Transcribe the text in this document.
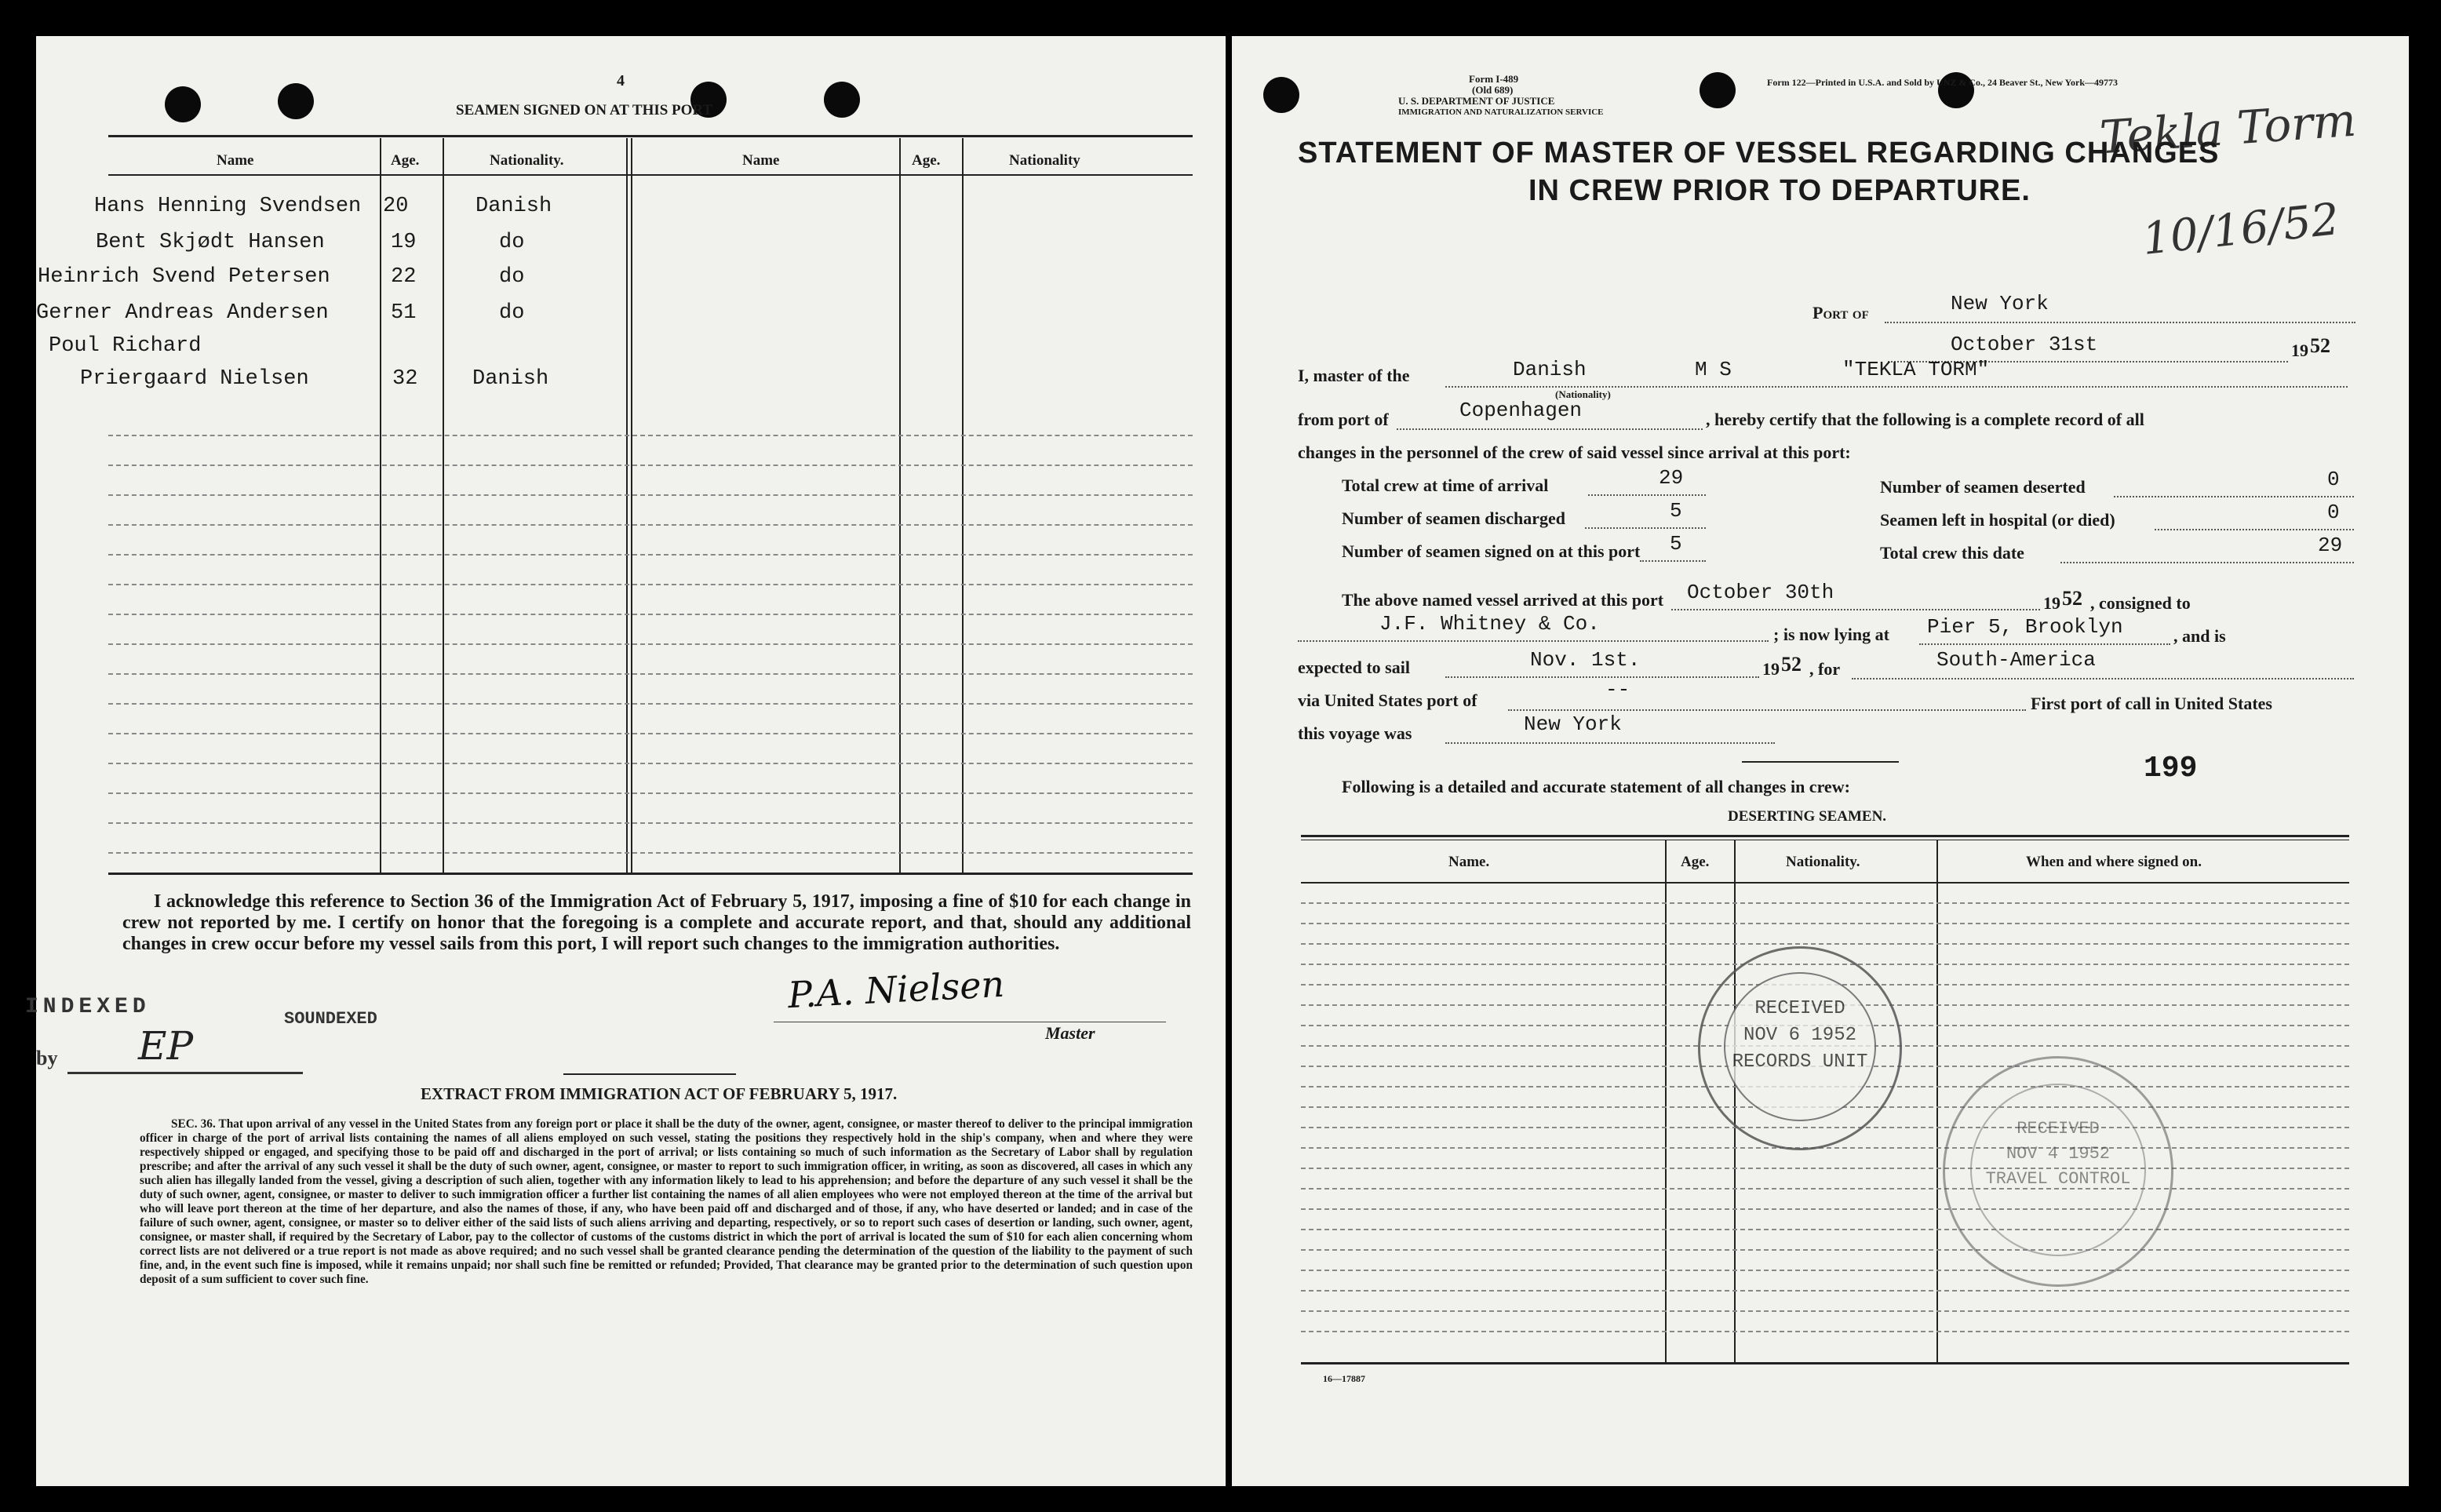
4
SEAMEN SIGNED ON AT THIS PORT
Name	Age.	Nationality.	Name	Age.	Nationality
Hans Henning Svendsen 20	Danish
Bent Skjødt Hansen	19	do
Heinrich Svend Petersen	22	do
Gerner Andreas Andersen	51	do
Poul Richard
Priergaard Nielsen	32	Danish
I acknowledge this reference to Section 36 of the Immigration Act of February 5, 1917, imposing a fine of $10 for each change in crew not reported by me. I certify on honor that the foregoing is a complete and accurate report, and that, should any additional changes in crew occur before my vessel sails from this port, I will report such changes to the immigration authorities.
P.A. Nielsen
Master
INDEXED	SOUNDEXED
by EP
EXTRACT FROM IMMIGRATION ACT OF FEBRUARY 5, 1917.
SEC. 36. That upon arrival of any vessel in the United States from any foreign port or place it shall be the duty of the owner, agent, consignee, or master thereof to deliver to the principal immigration officer in charge of the port of arrival lists containing the names of all aliens employed on such vessel, stating the positions they respectively hold in the ship's company, when and where they were respectively shipped or engaged, and specifying those to be paid off and discharged in the port of arrival; or lists containing so much of such information as the Secretary of Labor shall by regulation prescribe; and after the arrival of any such vessel it shall be the duty of such owner, agent, consignee, or master to report to such immigration officer, in writing, as soon as discovered, all cases in which any such alien has illegally landed from the vessel, giving a description of such alien, together with any information likely to lead to his apprehension; and before the departure of any such vessel it shall be the duty of such owner, agent, consignee, or master to deliver to such immigration officer a further list containing the names of all alien employees who were not employed thereon at the time of the arrival but who will leave port thereon at the time of her departure, and also the names of those, if any, who have been paid off and discharged and of those, if any, who have deserted or landed; and in case of the failure of such owner, agent, consignee, or master so to deliver either of the said lists of such aliens arriving and departing, respectively, or so to report such cases of desertion or landing, such owner, agent, consignee, or master shall, if required by the Secretary of Labor, pay to the collector of customs of the customs district in which the port of arrival is located the sum of $10 for each alien concerning whom correct lists are not delivered or a true report is not made as above required; and no such vessel shall be granted clearance pending the determination of the question of the liability to the payment of such fine, and, in the event such fine is imposed, while it remains unpaid; nor shall such fine be remitted or refunded; Provided, That clearance may be granted prior to the determination of such question upon deposit of a sum sufficient to cover such fine.
Form I-489
(Old 689)
U. S. DEPARTMENT OF JUSTICE
IMMIGRATION AND NATURALIZATION SERVICE
Form 122—Printed in U.S.A. and Sold by UNZ & Co., 24 Beaver St., New York—49773
Tekla Torm
10/16/52
STATEMENT OF MASTER OF VESSEL REGARDING CHANGES
IN CREW PRIOR TO DEPARTURE.
Port of	New York
October 31st	19 52
I, master of the	Danish	M S	"TEKLA TORM"
(Nationality)
from port of	Copenhagen	, hereby certify that the following is a complete record of all
changes in the personnel of the crew of said vessel since arrival at this port:
Total crew at time of arrival	29	Number of seamen deserted	0
Number of seamen discharged	5	Seamen left in hospital (or died)	0
Number of seamen signed on at this port 5	Total crew this date	29
The above named vessel arrived at this port October 30th	19 52 , consigned to
J.F. Whitney & Co.	; is now lying at Pier 5, Brooklyn	, and is
expected to sail	Nov. 1st.	19 52 , for	South-America
via United States port of	--
First port of call in United States
this voyage was	New York
199
Following is a detailed and accurate statement of all changes in crew:
DESERTING SEAMEN.
Name.	Age.	Nationality.	When and where signed on.
RECEIVED
NOV 6 1952
RECORDS UNIT
RECEIVED
NOV 4 1952
TRAVEL CONTROL
16—17887
